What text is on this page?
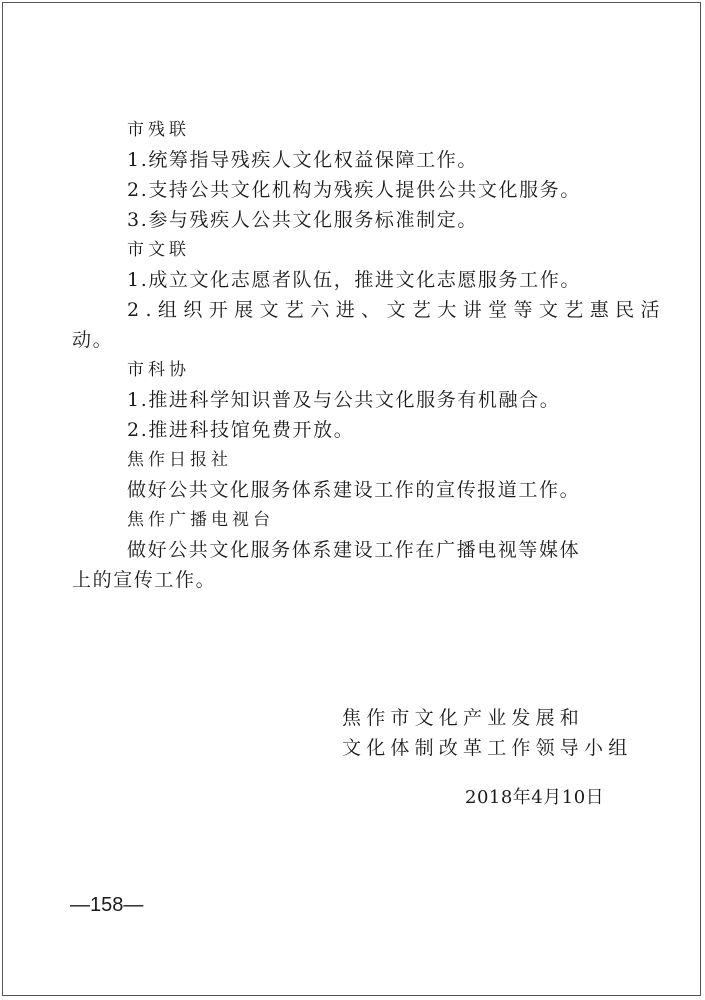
市残联
1.统筹指导残疾人文化权益保障工作。
2.支持公共文化机构为残疾人提供公共文化服务。
3.参与残疾人公共文化服务标准制定。
市文联
1.成立文化志愿者队伍，推进文化志愿服务工作。
2.组织开展文艺六进、文艺大讲堂等文艺惠民活
动。
市科协
1.推进科学知识普及与公共文化服务有机融合。
2.推进科技馆免费开放。
焦作日报社
做好公共文化服务体系建设工作的宣传报道工作。
焦作广播电视台
做好公共文化服务体系建设工作在广播电视等媒体
上的宣传工作。
焦作市文化产业发展和
文化体制改革工作领导小组
2018年4月10日
—158—
